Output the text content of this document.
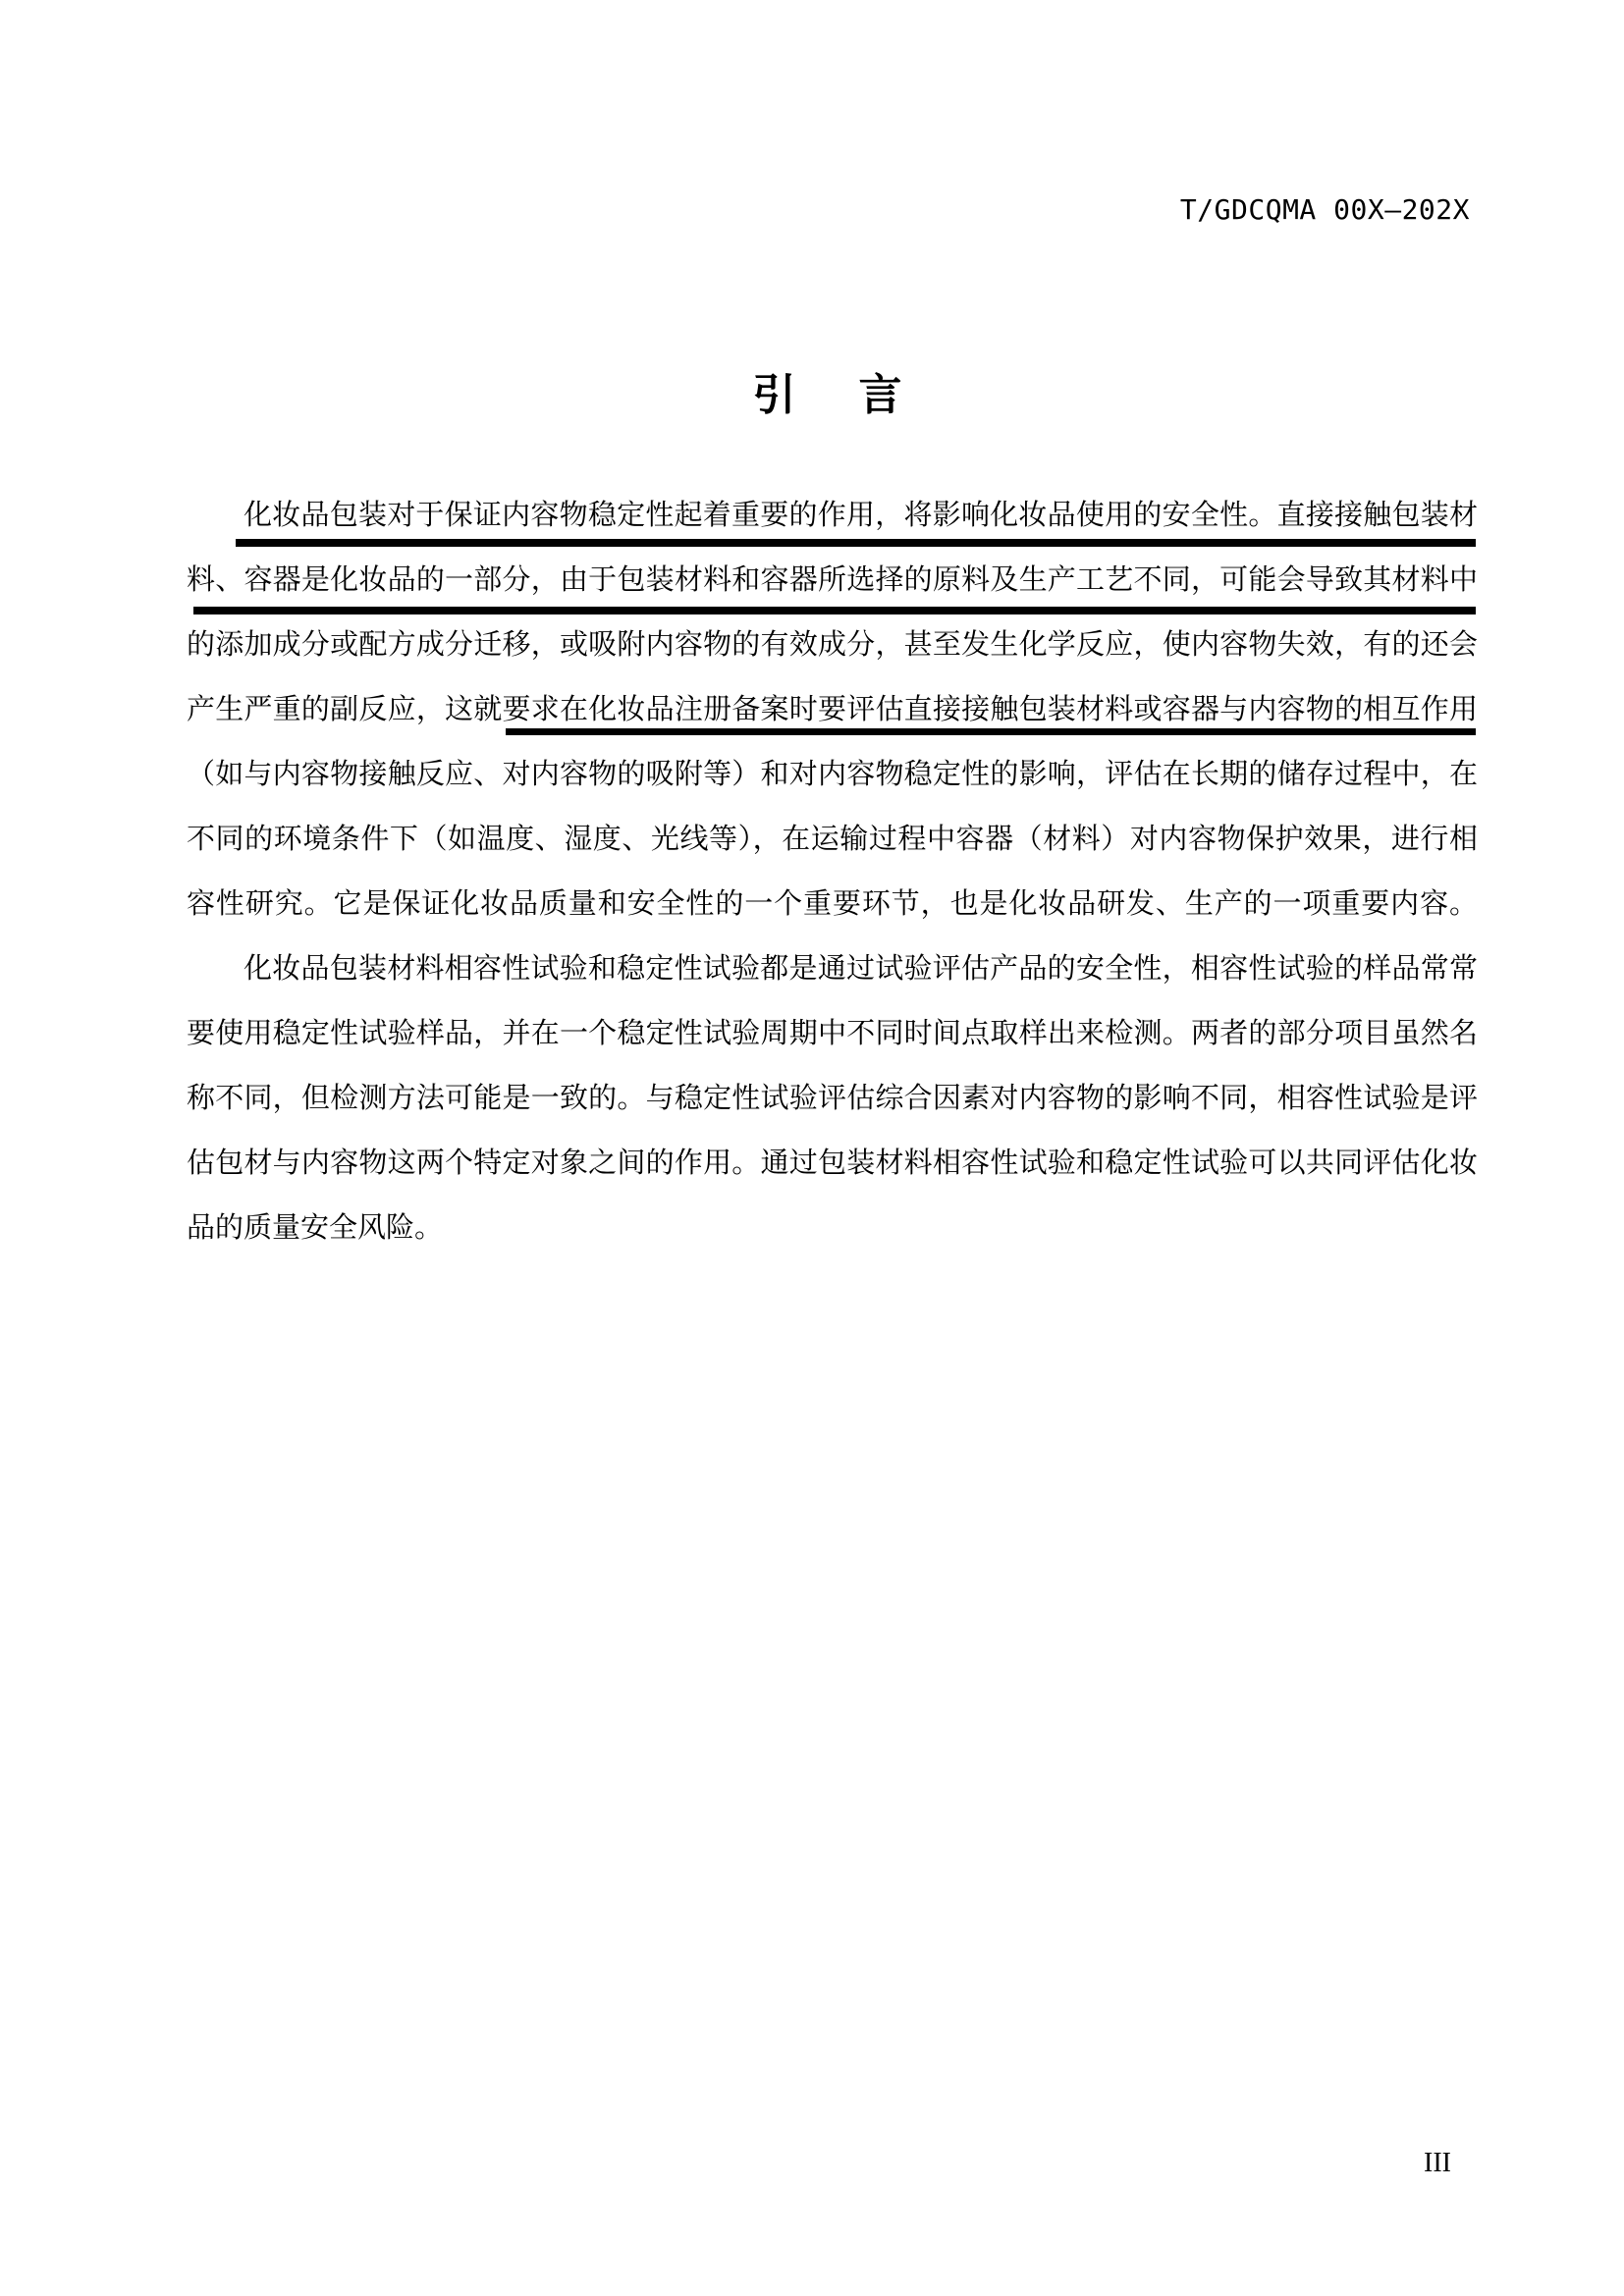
T/GDCQMA 00X—202X
引　言
化妆品包装对于保证内容物稳定性起着重要的作用，将影响化妆品使用的安全性。直接接触包装材
料、容器是化妆品的一部分，由于包装材料和容器所选择的原料及生产工艺不同，可能会导致其材料中
的添加成分或配方成分迁移，或吸附内容物的有效成分，甚至发生化学反应，使内容物失效，有的还会
产生严重的副反应，这就要求在化妆品注册备案时要评估直接接触包装材料或容器与内容物的相互作用
（如与内容物接触反应、对内容物的吸附等）和对内容物稳定性的影响，评估在长期的储存过程中，在
不同的环境条件下（如温度、湿度、光线等），在运输过程中容器（材料）对内容物保护效果，进行相
容性研究。它是保证化妆品质量和安全性的一个重要环节，也是化妆品研发、生产的一项重要内容。
化妆品包装材料相容性试验和稳定性试验都是通过试验评估产品的安全性，相容性试验的样品常常
要使用稳定性试验样品，并在一个稳定性试验周期中不同时间点取样出来检测。两者的部分项目虽然名
称不同，但检测方法可能是一致的。与稳定性试验评估综合因素对内容物的影响不同，相容性试验是评
估包材与内容物这两个特定对象之间的作用。通过包装材料相容性试验和稳定性试验可以共同评估化妆
品的质量安全风险。
III
